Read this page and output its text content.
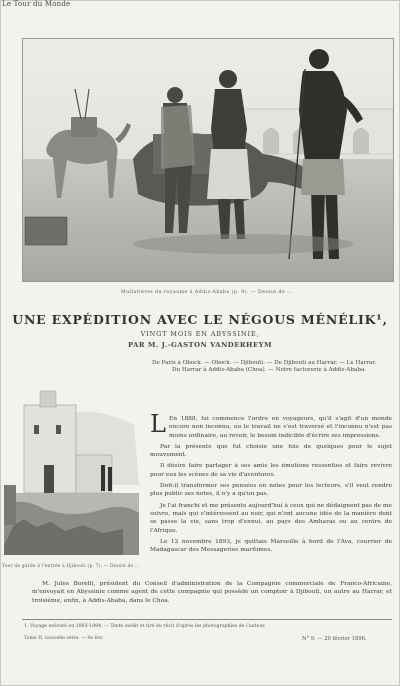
Le Tour du Monde
Mullatières du royaume à Addis-Ababa (p. 9). — Dessin de ...
UNE EXPÉDITION AVEC LE NÉGOUS MÉNÉLIK¹,
VINGT MOIS EN ABYSSINIE,
PAR M. J.-GASTON VANDERHEYM
De Paris à Obock. — Obock. — Djibouti. — De Djibouti au Harrar. — Le Harrar.
Du Harrar à Addis-Ababa (Choa). — Notre factorerie à Addis-Ababa.
Tour de garde à l'entrée à Djibouti (p. 7). — Dessin de ...

L En 1888, lui commence l'ordre en voyageurs, qu'il s'agit d'un monde encore non inconnu, ou le travail ne s'est traversé et l'inconnu n'est pas moins ordinaire, au revoir, le besoin indicible d'écrire ses impressions.

Par la présente que fut choisie une fois de quelques pour le sujet mouvement.

Il désire faire partager à ses amis les émotions ressenties et faire revivre pour eux les scènes de sa vie d'aventures.

Doit-il transformer ses pensées en notes pour les lecteurs, s'il veut rendre plus public ses notes, il n'y a qu'un pas.

Je l'ai franchi et me présente aujourd'hui à ceux qui ne dédaignent pas de me suivre, mais qui s'intéressent au noir, qui n'ont aucune idée de la manière dont se passe la vie, sans trop d'ennui, au pays des Amharas ou au centre de l'Afrique.

Le 12 novembre 1893, je quittais Marseille à bord de l'Ava, courrier de Madagascar des Messageries maritimes.

M. Jules Borelli, président du Conseil d'administration de la Compagnie commerciale de Franco-Africaine, m'envoyait en Abyssinie comme agent de cette compagnie qui possède un comptoir à Djibouti, un autre au Harrar, et troisième, enfin, à Addis-Ababa, dans le Choa.

1. Voyage exécuté en 1893-1894. — Texte inédit et tiré du récit d'après les photographies de l'auteur.
Tome II, nouvelle série. — 9e livr.	N° 9. — 29 février 1896.
